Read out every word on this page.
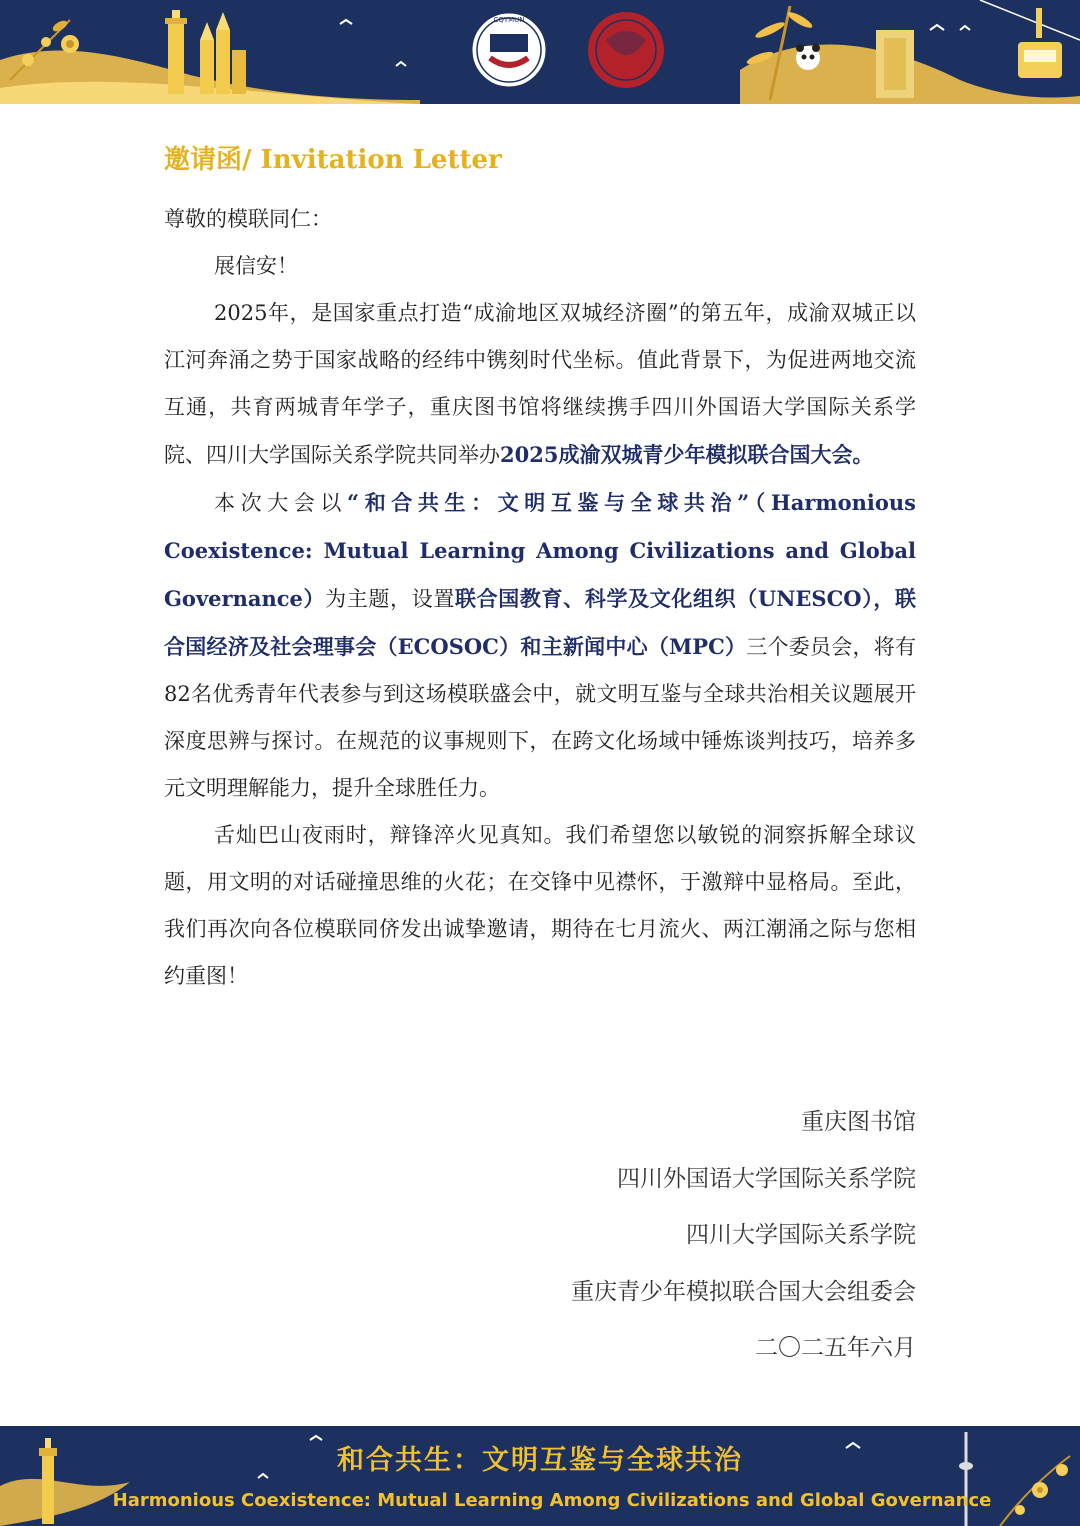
CQYMUN
邀请函/ Invitation Letter
尊敬的模联同仁：

展信安！

2025年，是国家重点打造“成渝地区双城经济圈”的第五年，成渝双城正以江河奔涌之势于国家战略的经纬中镌刻时代坐标。值此背景下，为促进两地交流互通，共育两城青年学子，重庆图书馆将继续携手四川外国语大学国际关系学院、四川大学国际关系学院共同举办2025成渝双城青少年模拟联合国大会。

本次大会以“和合共生：文明互鉴与全球共治”（Harmonious Coexistence: Mutual Learning Among Civilizations and Global Governance）为主题，设置联合国教育、科学及文化组织（UNESCO），联合国经济及社会理事会（ECOSOC）和主新闻中心（MPC）三个委员会，将有82名优秀青年代表参与到这场模联盛会中，就文明互鉴与全球共治相关议题展开深度思辨与探讨。在规范的议事规则下，在跨文化场域中锤炼谈判技巧，培养多元文明理解能力，提升全球胜任力。

舌灿巴山夜雨时，辩锋淬火见真知。我们希望您以敏锐的洞察拆解全球议题，用文明的对话碰撞思维的火花；在交锋中见襟怀，于激辩中显格局。至此，我们再次向各位模联同侪发出诚挚邀请，期待在七月流火、两江潮涌之际与您相约重图！

重庆图书馆
四川外国语大学国际关系学院
四川大学国际关系学院
重庆青少年模拟联合国大会组委会
二〇二五年六月
和合共生：文明互鉴与全球共治
Harmonious Coexistence: Mutual Learning Among Civilizations and Global Governance
